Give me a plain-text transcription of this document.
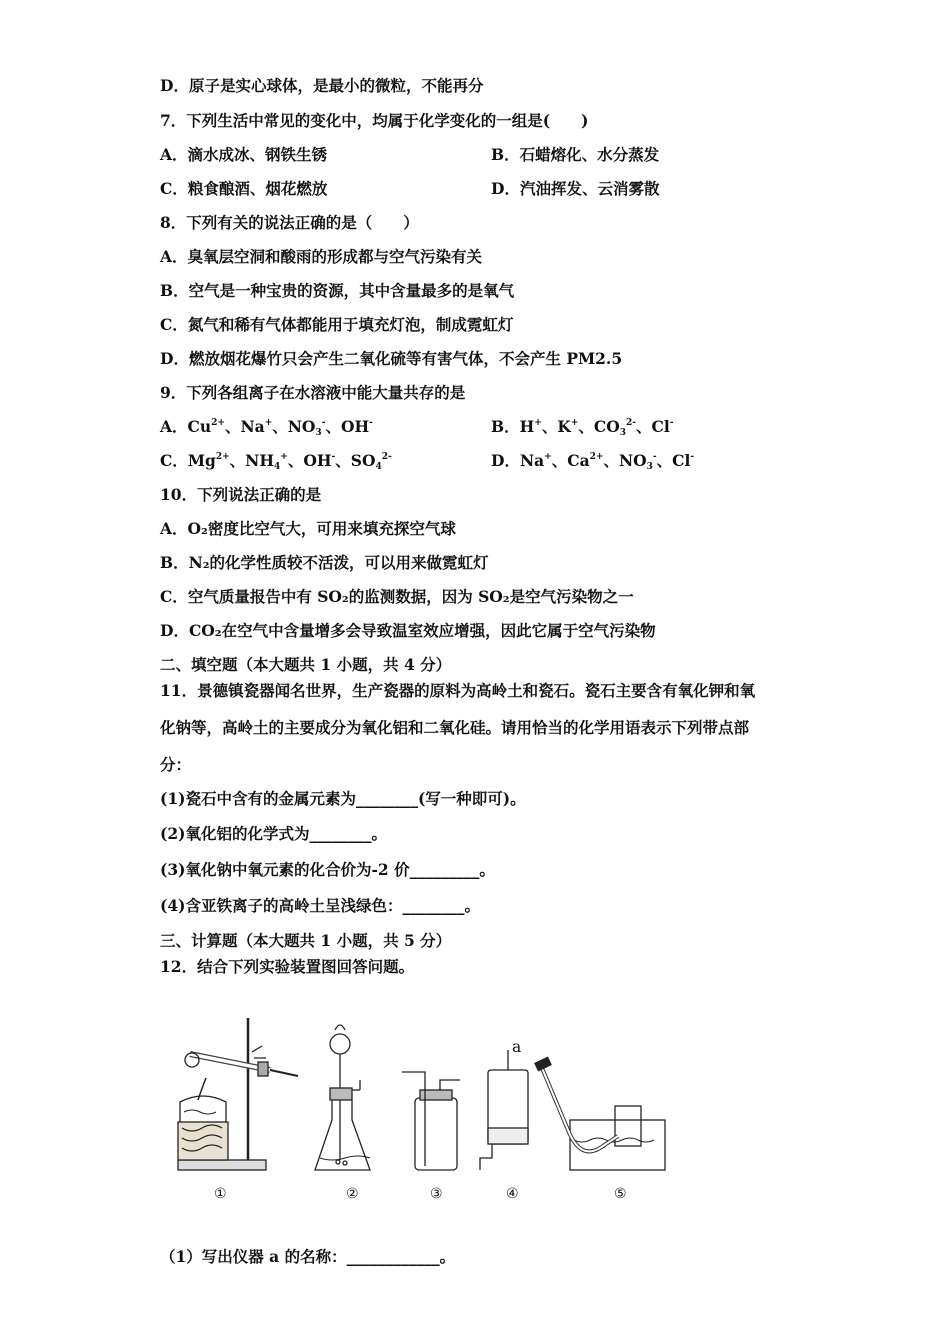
D．原子是实心球体，是最小的微粒，不能再分
7．下列生活中常见的变化中，均属于化学变化的一组是(　　)
A．滴水成冰、钢铁生锈	B．石蜡熔化、水分蒸发
C．粮食酿酒、烟花燃放	D．汽油挥发、云消雾散
8．下列有关的说法正确的是（　　）
A．臭氧层空洞和酸雨的形成都与空气污染有关
B．空气是一种宝贵的资源，其中含量最多的是氧气
C．氮气和稀有气体都能用于填充灯泡，制成霓虹灯
D．燃放烟花爆竹只会产生二氧化硫等有害气体，不会产生 PM2.5
9．下列各组离子在水溶液中能大量共存的是
A．$Cu^{2+}$、Na+、$NO_3^-$、OH-	B．H+、K+、$CO_3^{2-}$、Cl-
C．$Mg^{2+}$、$NH_4^+$、OH-、$SO_4^{2-}$	D．Na+、$Ca^{2+}$、$NO_3^-$、Cl-
10．下列说法正确的是
A．O₂密度比空气大，可用来填充探空气球
B．N₂的化学性质较不活泼，可以用来做霓虹灯
C．空气质量报告中有 SO₂的监测数据，因为 SO₂是空气污染物之一
D．CO₂在空气中含量增多会导致温室效应增强，因此它属于空气污染物
二、填空题（本大题共 1 小题，共 4 分）
11．景德镇瓷器闻名世界，生产瓷器的原料为高岭土和瓷石。瓷石主要含有氧化钾和氧
化钠等，高岭土的主要成分为氧化铝和二氧化硅。请用恰当的化学用语表示下列带点部
分：
(1)瓷石中含有的金属元素为________(写一种即可)。
(2)氧化铝的化学式为________。
(3)氧化钠中氧元素的化合价为-2 价_________。
(4)含亚铁离子的高岭土呈浅绿色：________。
三、计算题（本大题共 1 小题，共 5 分）
12．结合下列实验装置图回答问题。
a
①	②	③	④	⑤
（1）写出仪器 a 的名称：____________。
